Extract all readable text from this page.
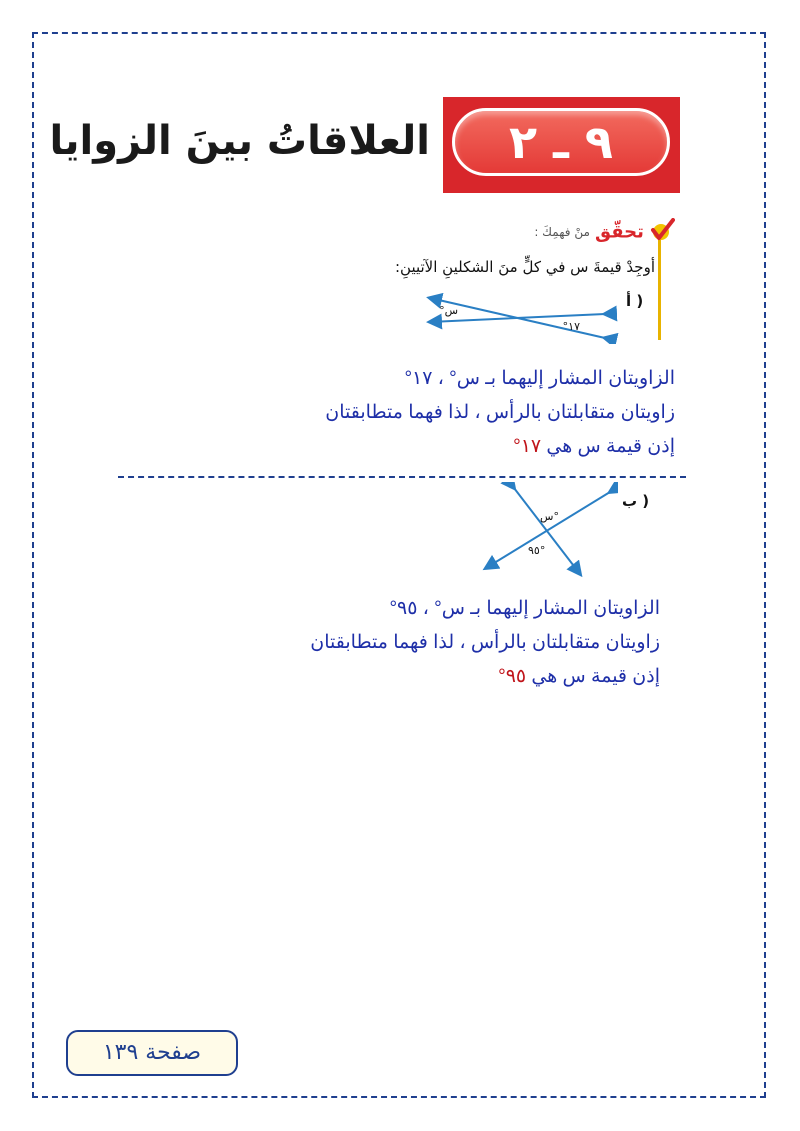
٩ ـ ٢
العلاقاتُ بينَ الزوايا
تحقّق منْ فهمِكَ :
أوجِدْ قيمةَ س في كلٍّ منَ الشكلينِ الآتيينِ:
أ )
س°
١٧°
الزاويتان المشار إليهما بـ س° ، ١٧°
زاويتان متقابلتان بالرأس ، لذا فهما متطابقتان
إذن قيمة س هي ١٧°
ب )
س°
٩٥°
الزاويتان المشار إليهما بـ س° ، ٩٥°
زاويتان متقابلتان بالرأس ، لذا فهما متطابقتان
إذن قيمة س هي ٩٥°
صفحة ١٣٩
